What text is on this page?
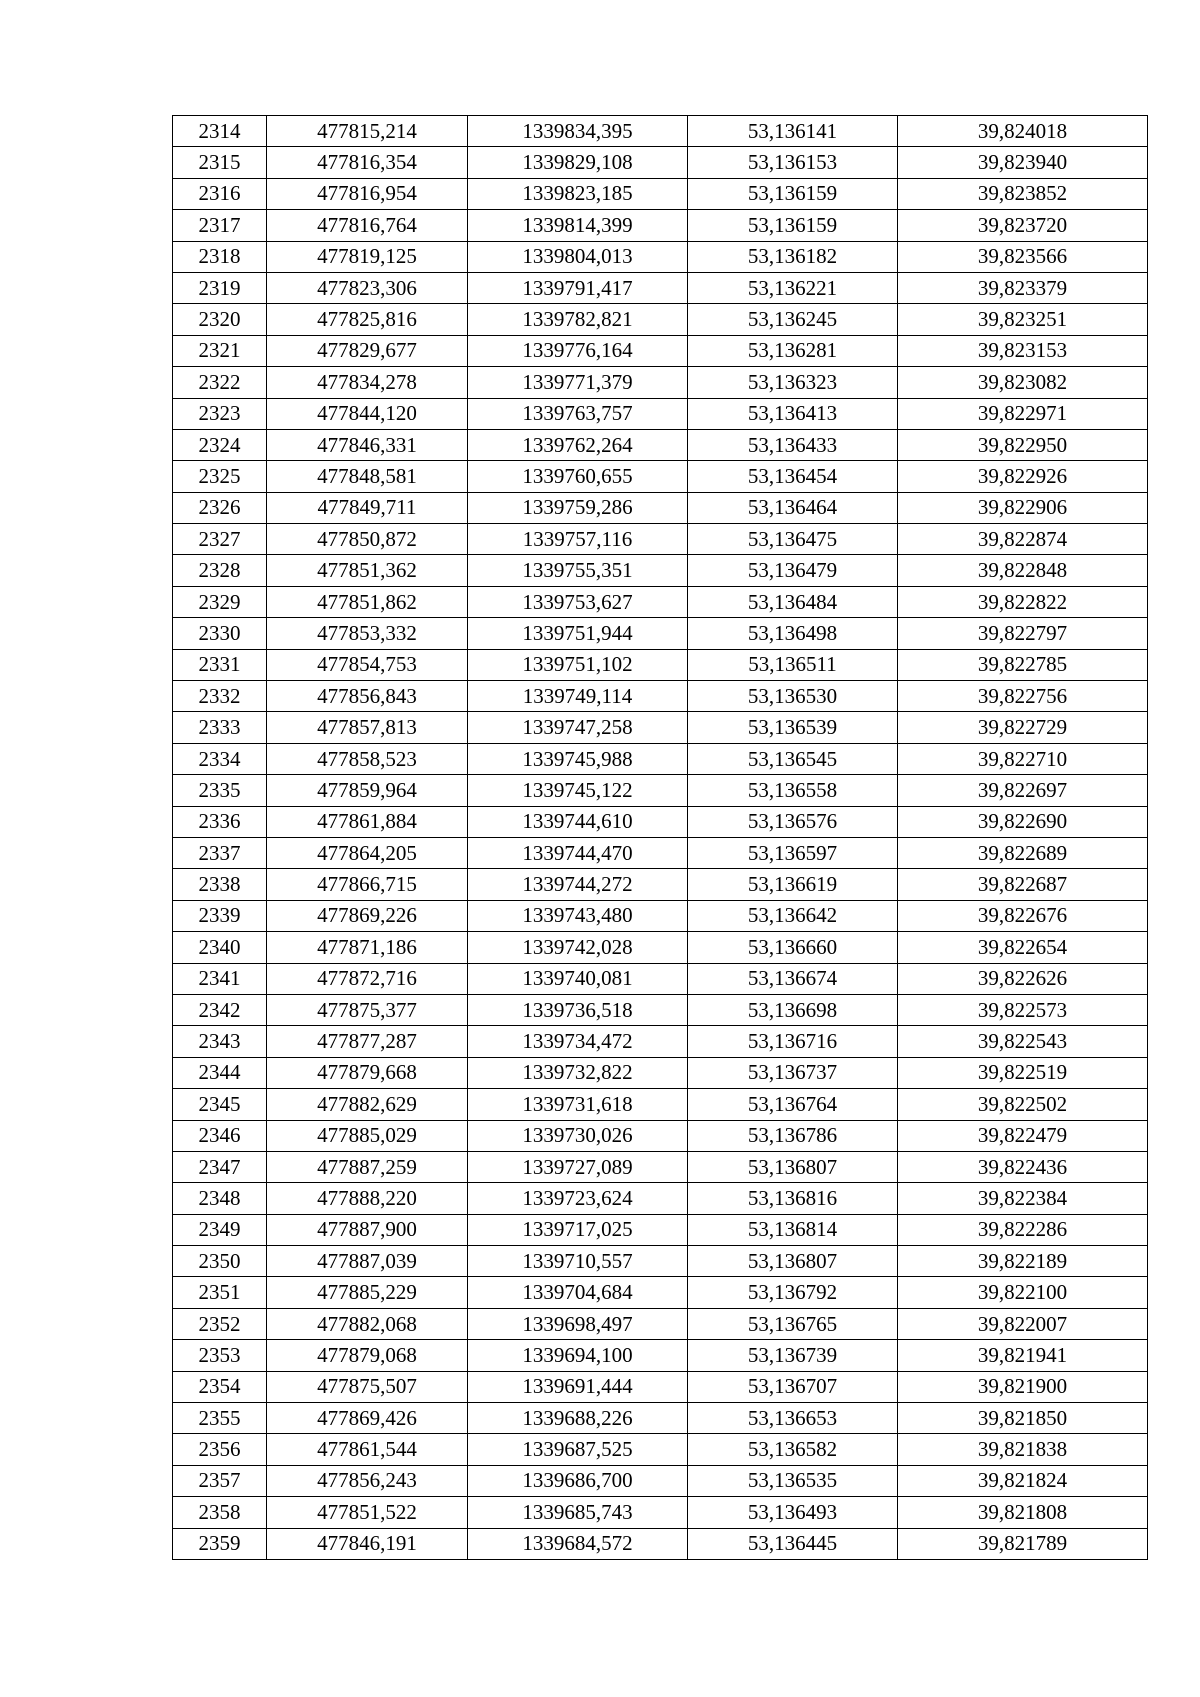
2314	477815,214	1339834,395	53,136141	39,824018
2315	477816,354	1339829,108	53,136153	39,823940
2316	477816,954	1339823,185	53,136159	39,823852
2317	477816,764	1339814,399	53,136159	39,823720
2318	477819,125	1339804,013	53,136182	39,823566
2319	477823,306	1339791,417	53,136221	39,823379
2320	477825,816	1339782,821	53,136245	39,823251
2321	477829,677	1339776,164	53,136281	39,823153
2322	477834,278	1339771,379	53,136323	39,823082
2323	477844,120	1339763,757	53,136413	39,822971
2324	477846,331	1339762,264	53,136433	39,822950
2325	477848,581	1339760,655	53,136454	39,822926
2326	477849,711	1339759,286	53,136464	39,822906
2327	477850,872	1339757,116	53,136475	39,822874
2328	477851,362	1339755,351	53,136479	39,822848
2329	477851,862	1339753,627	53,136484	39,822822
2330	477853,332	1339751,944	53,136498	39,822797
2331	477854,753	1339751,102	53,136511	39,822785
2332	477856,843	1339749,114	53,136530	39,822756
2333	477857,813	1339747,258	53,136539	39,822729
2334	477858,523	1339745,988	53,136545	39,822710
2335	477859,964	1339745,122	53,136558	39,822697
2336	477861,884	1339744,610	53,136576	39,822690
2337	477864,205	1339744,470	53,136597	39,822689
2338	477866,715	1339744,272	53,136619	39,822687
2339	477869,226	1339743,480	53,136642	39,822676
2340	477871,186	1339742,028	53,136660	39,822654
2341	477872,716	1339740,081	53,136674	39,822626
2342	477875,377	1339736,518	53,136698	39,822573
2343	477877,287	1339734,472	53,136716	39,822543
2344	477879,668	1339732,822	53,136737	39,822519
2345	477882,629	1339731,618	53,136764	39,822502
2346	477885,029	1339730,026	53,136786	39,822479
2347	477887,259	1339727,089	53,136807	39,822436
2348	477888,220	1339723,624	53,136816	39,822384
2349	477887,900	1339717,025	53,136814	39,822286
2350	477887,039	1339710,557	53,136807	39,822189
2351	477885,229	1339704,684	53,136792	39,822100
2352	477882,068	1339698,497	53,136765	39,822007
2353	477879,068	1339694,100	53,136739	39,821941
2354	477875,507	1339691,444	53,136707	39,821900
2355	477869,426	1339688,226	53,136653	39,821850
2356	477861,544	1339687,525	53,136582	39,821838
2357	477856,243	1339686,700	53,136535	39,821824
2358	477851,522	1339685,743	53,136493	39,821808
2359	477846,191	1339684,572	53,136445	39,821789
